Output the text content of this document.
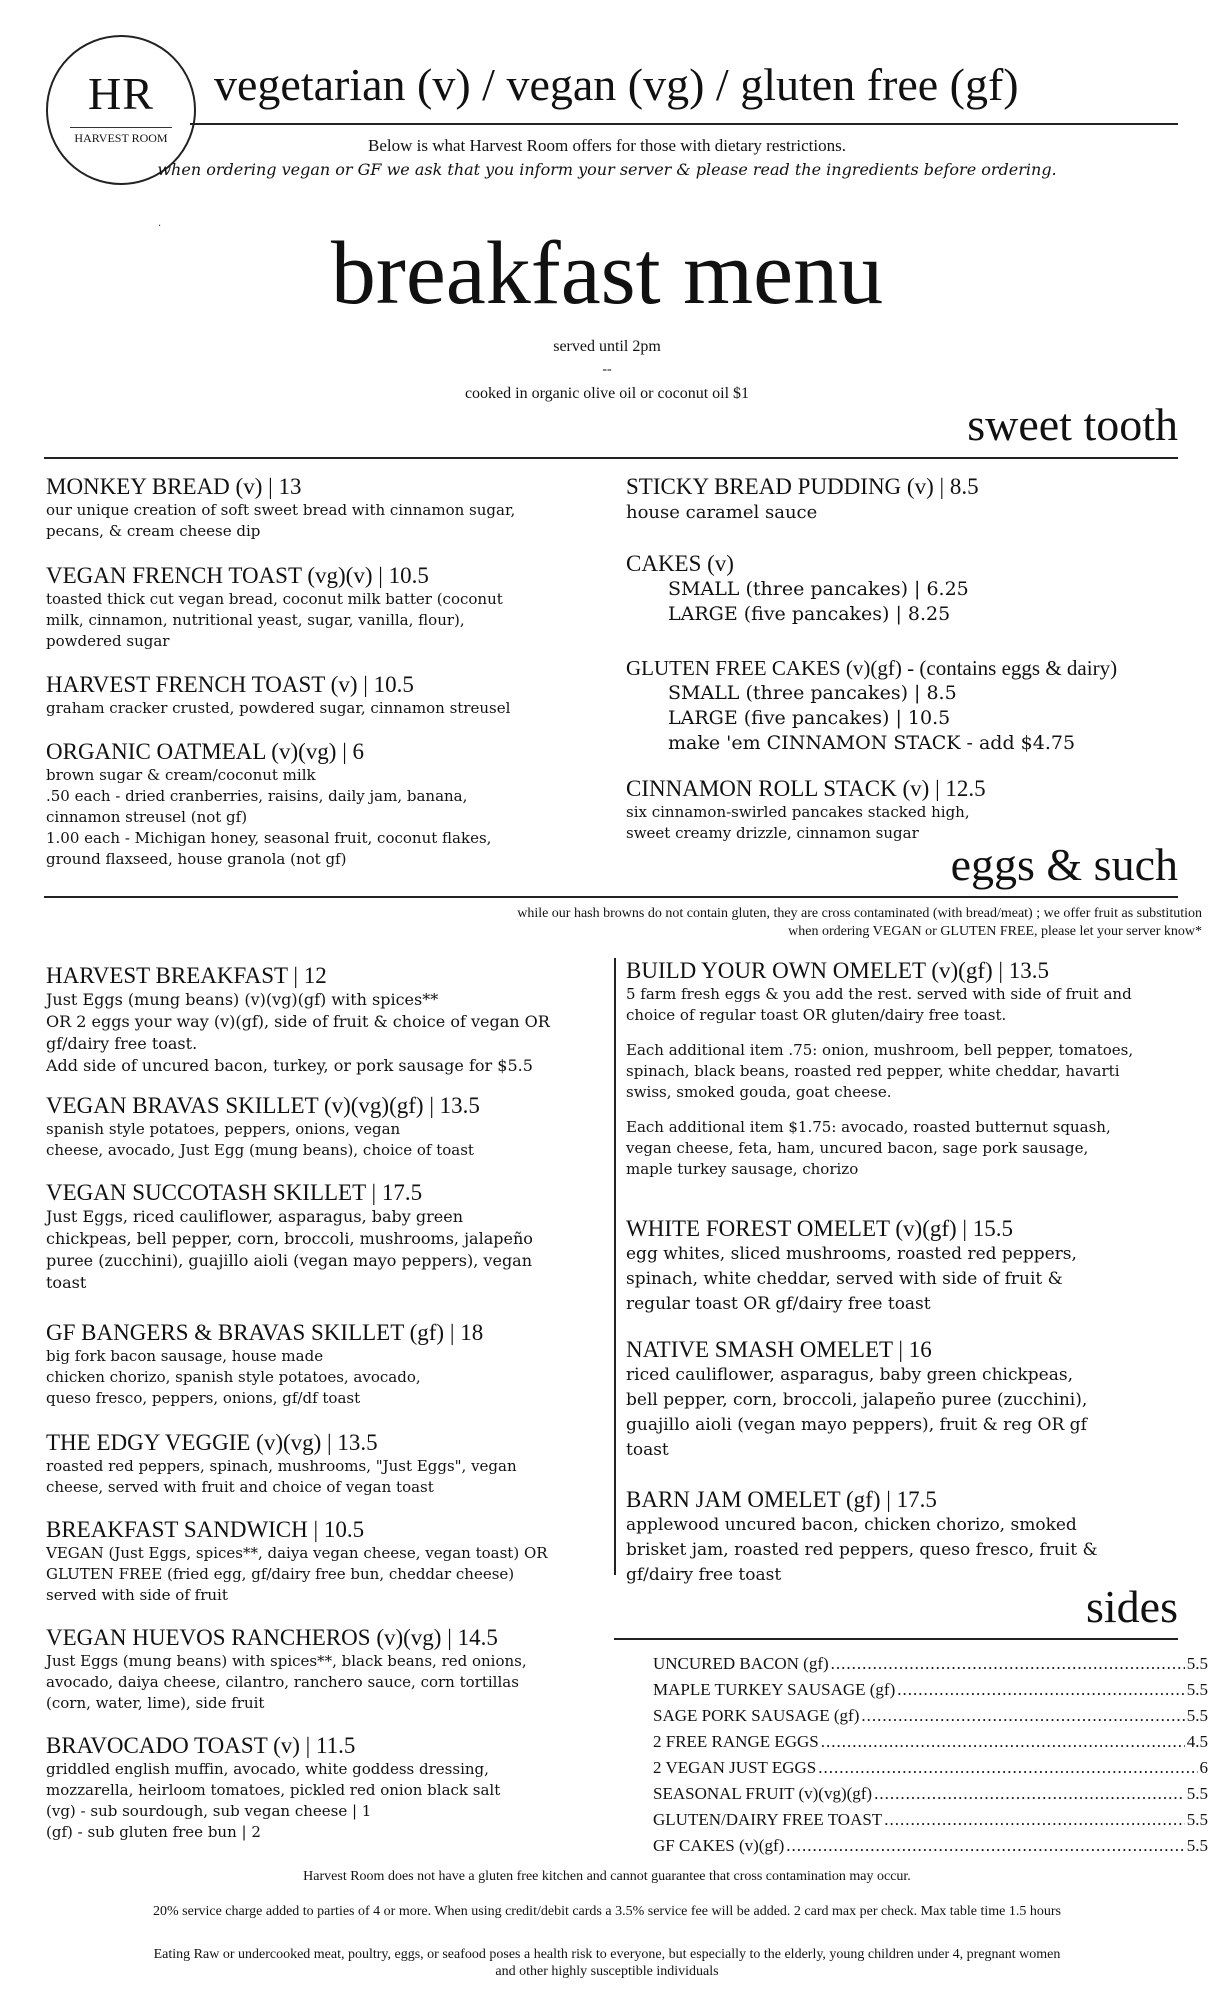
HR
HARVEST ROOM
vegetarian (v) / vegan (vg) / gluten free (gf)
Below is what Harvest Room offers for those with dietary restrictions.
when ordering vegan or GF we ask that you inform your server & please read the ingredients before ordering.
.
breakfast menu
served until 2pm
--
cooked in organic olive oil or coconut oil $1
sweet tooth
MONKEY BREAD (v) | 13
our unique creation of soft sweet bread with cinnamon sugar,
pecans, & cream cheese dip
VEGAN FRENCH TOAST (vg)(v) | 10.5
toasted thick cut vegan bread, coconut milk batter (coconut
milk, cinnamon, nutritional yeast, sugar, vanilla, flour),
powdered sugar
HARVEST FRENCH TOAST (v) | 10.5
graham cracker crusted, powdered sugar, cinnamon streusel
ORGANIC OATMEAL (v)(vg) | 6
brown sugar & cream/coconut milk
.50 each - dried cranberries, raisins, daily jam, banana,
cinnamon streusel (not gf)
1.00 each - Michigan honey, seasonal fruit, coconut flakes,
ground flaxseed, house granola (not gf)
STICKY BREAD PUDDING (v) | 8.5
house caramel sauce
CAKES (v)
SMALL (three pancakes) | 6.25
LARGE (five pancakes) | 8.25
GLUTEN FREE CAKES (v)(gf) - (contains eggs & dairy)
SMALL (three pancakes) | 8.5
LARGE (five pancakes) | 10.5
make 'em CINNAMON STACK - add $4.75
CINNAMON ROLL STACK (v) | 12.5
six cinnamon-swirled pancakes stacked high,
sweet creamy drizzle, cinnamon sugar
eggs & such
while our hash browns do not contain gluten, they are cross contaminated (with bread/meat) ; we offer fruit as substitution
when ordering VEGAN or GLUTEN FREE, please let your server know*
HARVEST BREAKFAST | 12
Just Eggs (mung beans) (v)(vg)(gf) with spices**
OR 2 eggs your way (v)(gf), side of fruit & choice of vegan OR
gf/dairy free toast.
Add side of uncured bacon, turkey, or pork sausage for $5.5
VEGAN BRAVAS SKILLET (v)(vg)(gf) | 13.5
spanish style potatoes, peppers, onions, vegan
cheese, avocado, Just Egg (mung beans), choice of toast
VEGAN SUCCOTASH SKILLET | 17.5
Just Eggs, riced cauliflower, asparagus, baby green
chickpeas, bell pepper, corn, broccoli, mushrooms, jalapeño
puree (zucchini), guajillo aioli (vegan mayo peppers), vegan
toast
GF BANGERS & BRAVAS SKILLET (gf) | 18
big fork bacon sausage, house made
chicken chorizo, spanish style potatoes, avocado,
queso fresco, peppers, onions, gf/df toast
THE EDGY VEGGIE (v)(vg) | 13.5
roasted red peppers, spinach, mushrooms, "Just Eggs", vegan
cheese, served with fruit and choice of vegan toast
BREAKFAST SANDWICH | 10.5
VEGAN (Just Eggs, spices**, daiya vegan cheese, vegan toast) OR
GLUTEN FREE (fried egg, gf/dairy free bun, cheddar cheese)
served with side of fruit
VEGAN HUEVOS RANCHEROS (v)(vg) | 14.5
Just Eggs (mung beans) with spices**, black beans, red onions,
avocado, daiya cheese, cilantro, ranchero sauce, corn tortillas
(corn, water, lime), side fruit
BRAVOCADO TOAST (v) | 11.5
griddled english muffin, avocado, white goddess dressing,
mozzarella, heirloom tomatoes, pickled red onion black salt
(vg) - sub sourdough, sub vegan cheese | 1
(gf) - sub gluten free bun | 2
BUILD YOUR OWN OMELET (v)(gf) | 13.5
5 farm fresh eggs & you add the rest. served with side of fruit and
choice of regular toast OR gluten/dairy free toast.
Each additional item .75: onion, mushroom, bell pepper, tomatoes,
spinach, black beans, roasted red pepper, white cheddar, havarti
swiss, smoked gouda, goat cheese.
Each additional item $1.75: avocado, roasted butternut squash,
vegan cheese, feta, ham, uncured bacon, sage pork sausage,
maple turkey sausage, chorizo
WHITE FOREST OMELET (v)(gf) | 15.5
egg whites, sliced mushrooms, roasted red peppers,
spinach, white cheddar, served with side of fruit &
regular toast OR gf/dairy free toast
NATIVE SMASH OMELET | 16
riced cauliflower, asparagus, baby green chickpeas,
bell pepper, corn, broccoli, jalapeño puree (zucchini),
guajillo aioli (vegan mayo peppers), fruit & reg OR gf
toast
BARN JAM OMELET (gf) | 17.5
applewood uncured bacon, chicken chorizo, smoked
brisket jam, roasted red peppers, queso fresco, fruit &
gf/dairy free toast
sides
UNCURED BACON (gf) .....	5.5
MAPLE TURKEY SAUSAGE (gf) .....	5.5
SAGE PORK SAUSAGE (gf) .....	5.5
2 FREE RANGE EGGS .....	4.5
2 VEGAN JUST EGGS .....	6
SEASONAL FRUIT (v)(vg)(gf) .....	5.5
GLUTEN/DAIRY FREE TOAST .....	5.5
GF CAKES (v)(gf) .....	5.5
Harvest Room does not have a gluten free kitchen and cannot guarantee that cross contamination may occur.
20% service charge added to parties of 4 or more. When using credit/debit cards a 3.5% service fee will be added. 2 card max per check. Max table time 1.5 hours
Eating Raw or undercooked meat, poultry, eggs, or seafood poses a health risk to everyone, but especially to the elderly, young children under 4, pregnant women
and other highly susceptible individuals
